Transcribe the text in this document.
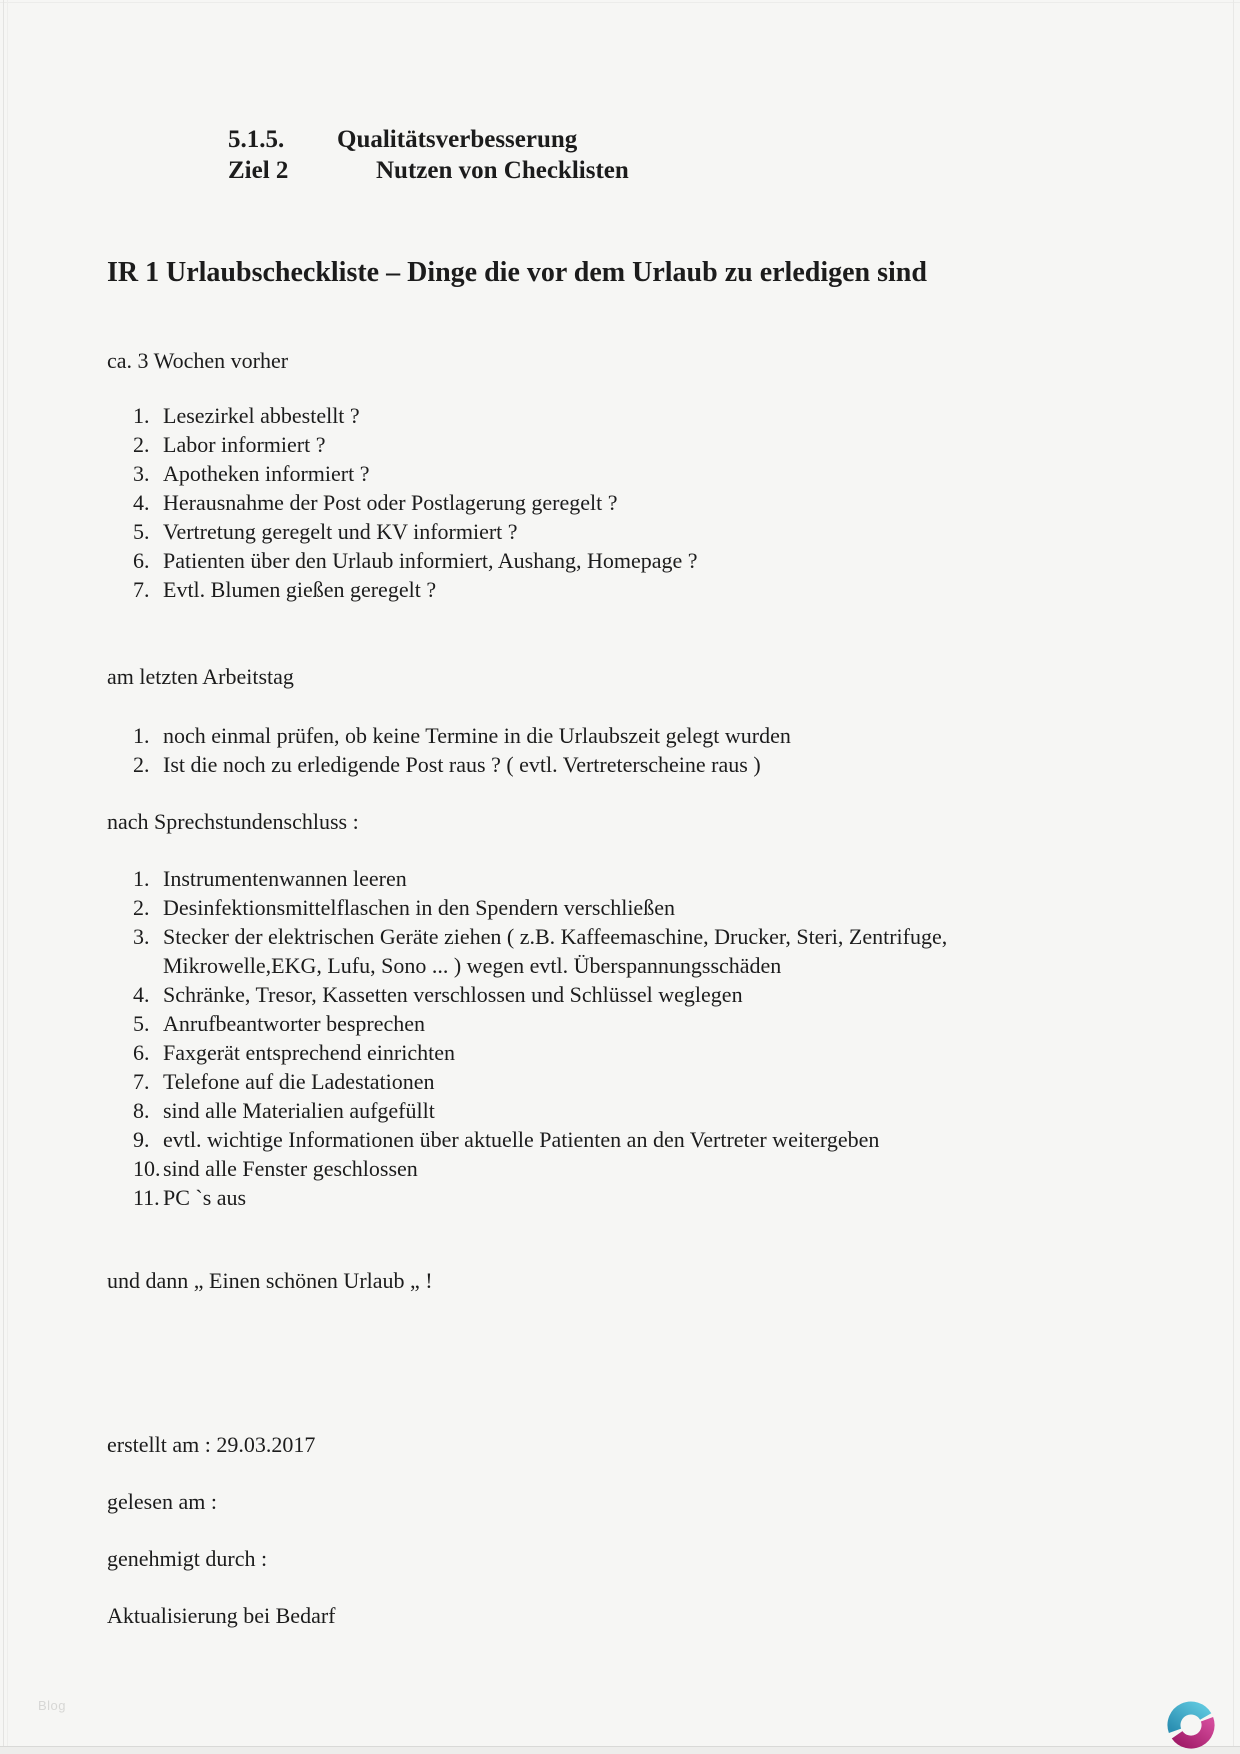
5.1.5.	Qualitätsverbesserung
Ziel 2	Nutzen von Checklisten
IR 1 Urlaubscheckliste – Dinge die vor dem Urlaub zu erledigen sind
ca. 3 Wochen vorher
1. Lesezirkel abbestellt ?
2. Labor informiert ?
3. Apotheken informiert ?
4. Herausnahme der Post oder Postlagerung geregelt ?
5. Vertretung geregelt und KV informiert ?
6. Patienten über den Urlaub informiert, Aushang, Homepage ?
7. Evtl. Blumen gießen geregelt ?
am letzten Arbeitstag
1. noch einmal prüfen, ob keine Termine in die Urlaubszeit gelegt wurden
2. Ist die noch zu erledigende Post raus ? ( evtl. Vertreterscheine raus )
nach Sprechstundenschluss :
1. Instrumentenwannen leeren
2. Desinfektionsmittelflaschen in den Spendern verschließen
3. Stecker der elektrischen Geräte ziehen ( z.B. Kaffeemaschine, Drucker, Steri, Zentrifuge, Mikrowelle,EKG, Lufu, Sono ... ) wegen evtl. Überspannungsschäden
4. Schränke, Tresor, Kassetten verschlossen und Schlüssel weglegen
5. Anrufbeantworter besprechen
6. Faxgerät entsprechend einrichten
7. Telefone auf die Ladestationen
8. sind alle Materialien aufgefüllt
9. evtl. wichtige Informationen über aktuelle Patienten an den Vertreter weitergeben
10. sind alle Fenster geschlossen
11. PC `s aus
und dann „ Einen schönen Urlaub „ !
erstellt am : 29.03.2017
gelesen am :
genehmigt durch :
Aktualisierung bei Bedarf
Blog
